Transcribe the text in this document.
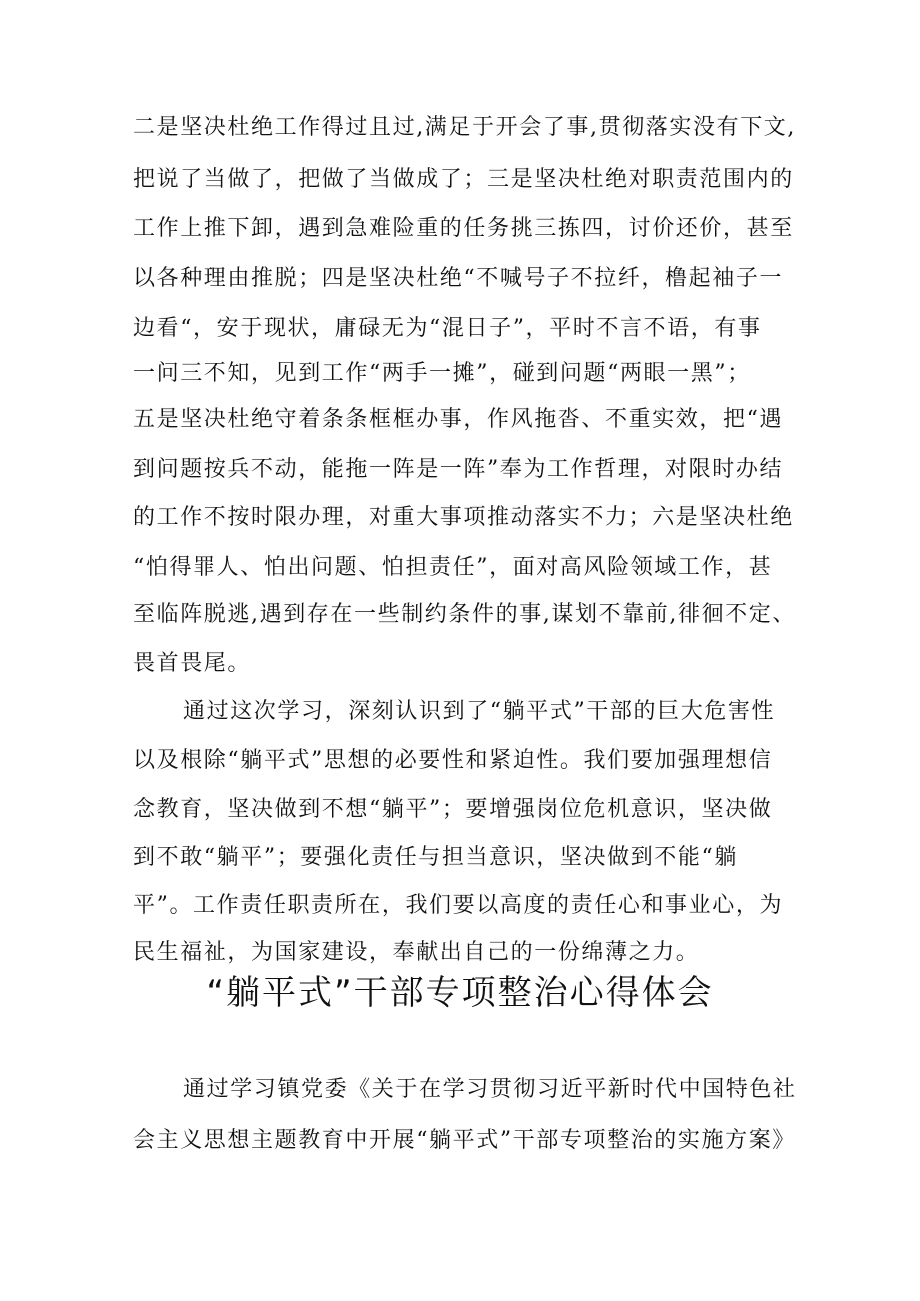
二是坚决杜绝工作得过且过,满足于开会了事,贯彻落实没有下文,
把说了当做了，把做了当做成了；三是坚决杜绝对职责范围内的
工作上推下卸，遇到急难险重的任务挑三拣四，讨价还价，甚至
以各种理由推脱；四是坚决杜绝“不喊号子不拉纤，橹起袖子一
边看“，安于现状，庸碌无为“混日子”，平时不言不语，有事
一问三不知，见到工作“两手一摊”，碰到问题“两眼一黑”；
五是坚决杜绝守着条条框框办事，作风拖沓、不重实效，把“遇
到问题按兵不动，能拖一阵是一阵”奉为工作哲理，对限时办结
的工作不按时限办理，对重大事项推动落实不力；六是坚决杜绝
“怕得罪人、怕出问题、怕担责任”，面对高风险领域工作，甚
至临阵脱逃,遇到存在一些制约条件的事,谋划不靠前,徘徊不定、
畏首畏尾。
通过这次学习，深刻认识到了“躺平式”干部的巨大危害性
以及根除“躺平式”思想的必要性和紧迫性。我们要加强理想信
念教育，坚决做到不想“躺平”；要增强岗位危机意识，坚决做
到不敢“躺平”；要强化责任与担当意识，坚决做到不能“躺
平”。工作责任职责所在，我们要以高度的责任心和事业心，为
民生福祉，为国家建设，奉献出自己的一份绵薄之力。
“躺平式”干部专项整治心得体会
通过学习镇党委《关于在学习贯彻习近平新时代中国特色社
会主义思想主题教育中开展“躺平式”干部专项整治的实施方案》
